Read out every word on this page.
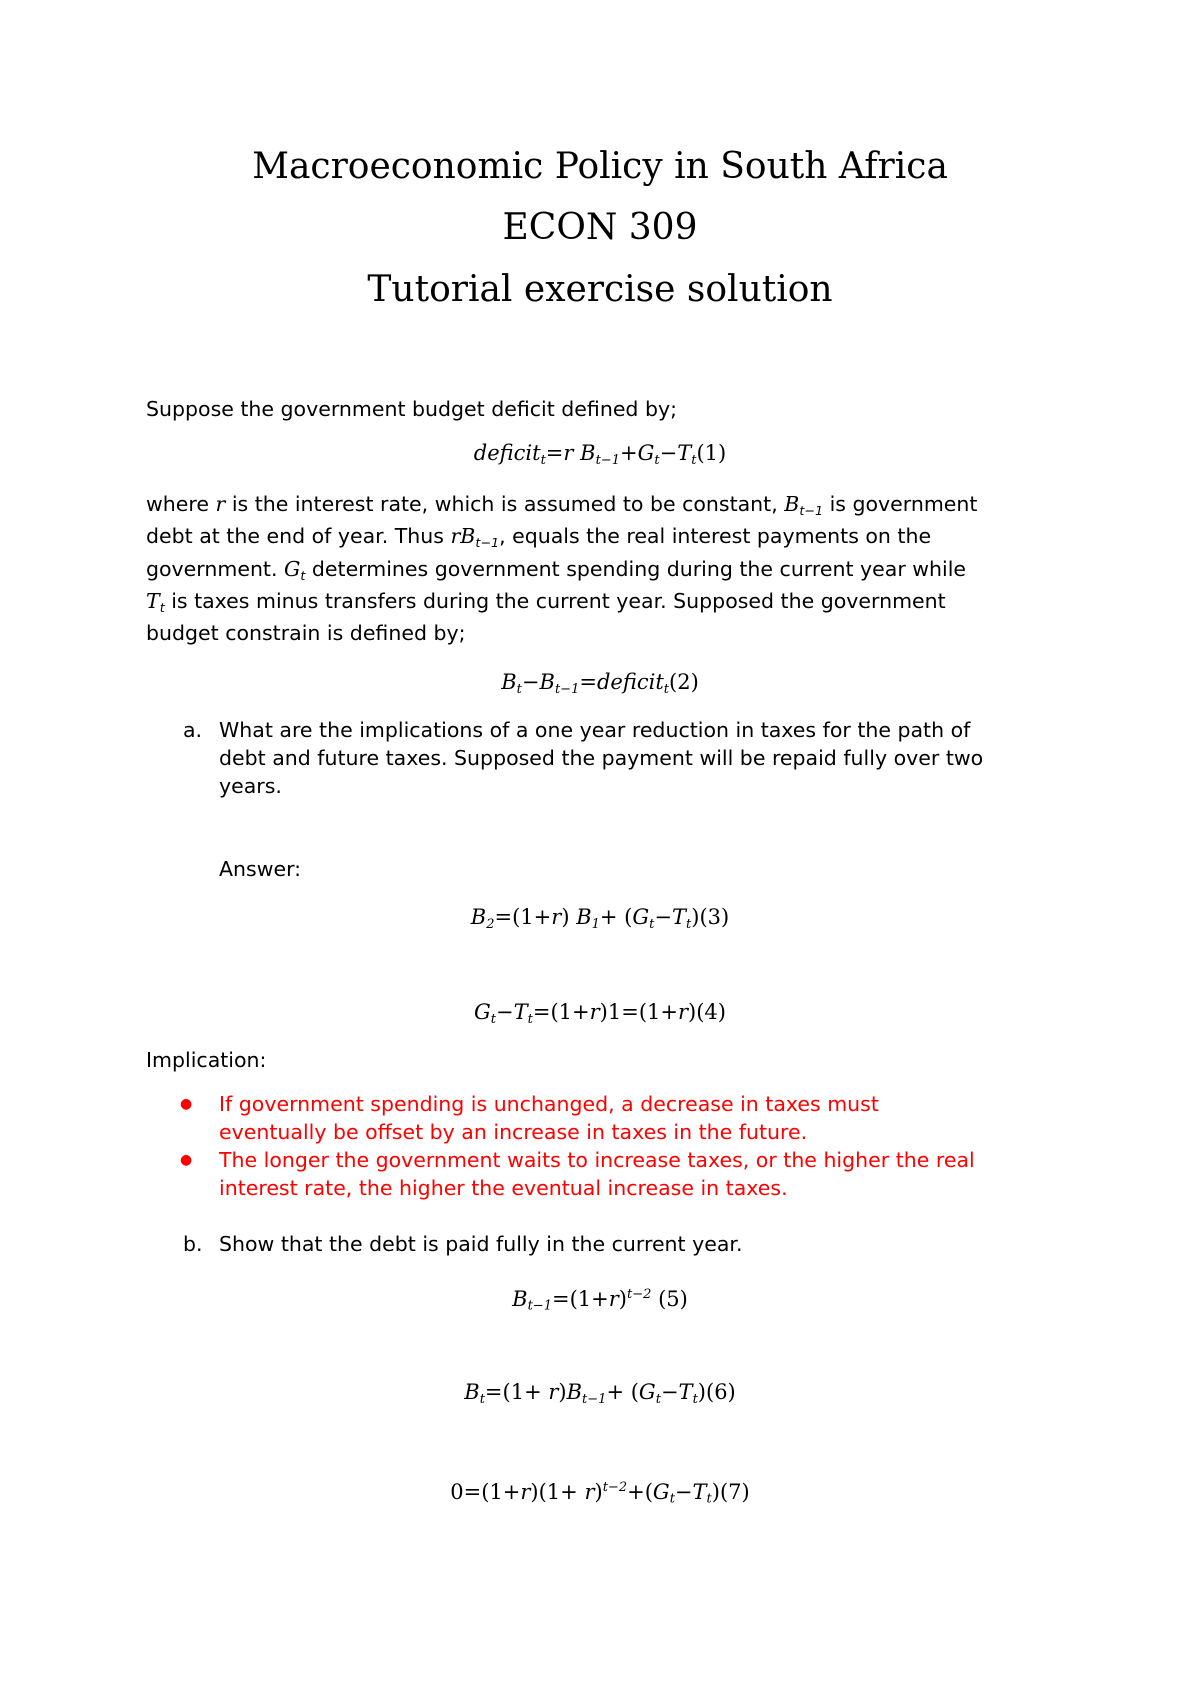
Macroeconomic Policy in South Africa
ECON 309
Tutorial exercise solution
Suppose the government budget deficit defined by;
deficit$_t$=r $B_{t-1}+G_t-T_t(1)$
where r is the interest rate, which is assumed to be constant, $B_{t-1}$ is government
debt at the end of year. Thus $rB_{t-1}$, equals the real interest payments on the
government. $G_t$ determines government spending during the current year while
$T_t$ is taxes minus transfers during the current year. Supposed the government
budget constrain is defined by;
$B_t-B_{t-1}=deficit_t(2)$
a. What are the implications of a one year reduction in taxes for the path of
debt and future taxes. Supposed the payment will be repaid fully over two
years.
Answer:
$B_2=(1+r)$ $B_1+ (G_t-T_t)(3)$
$G_t-T_t=(1+r)1=(1+r)(4)$
Implication:
● If government spending is unchanged, a decrease in taxes must
eventually be offset by an increase in taxes in the future.
● The longer the government waits to increase taxes, or the higher the real
interest rate, the higher the eventual increase in taxes.
b. Show that the debt is paid fully in the current year.
$B_{t-1}=(1+r)^{t-2}$ (5)
$B_t=(1+ r)B_{t-1}+ (G_t-T_t)(6)$
$0=(1+r)(1+ r)^{t-2}+(G_t-T_t)(7)$
